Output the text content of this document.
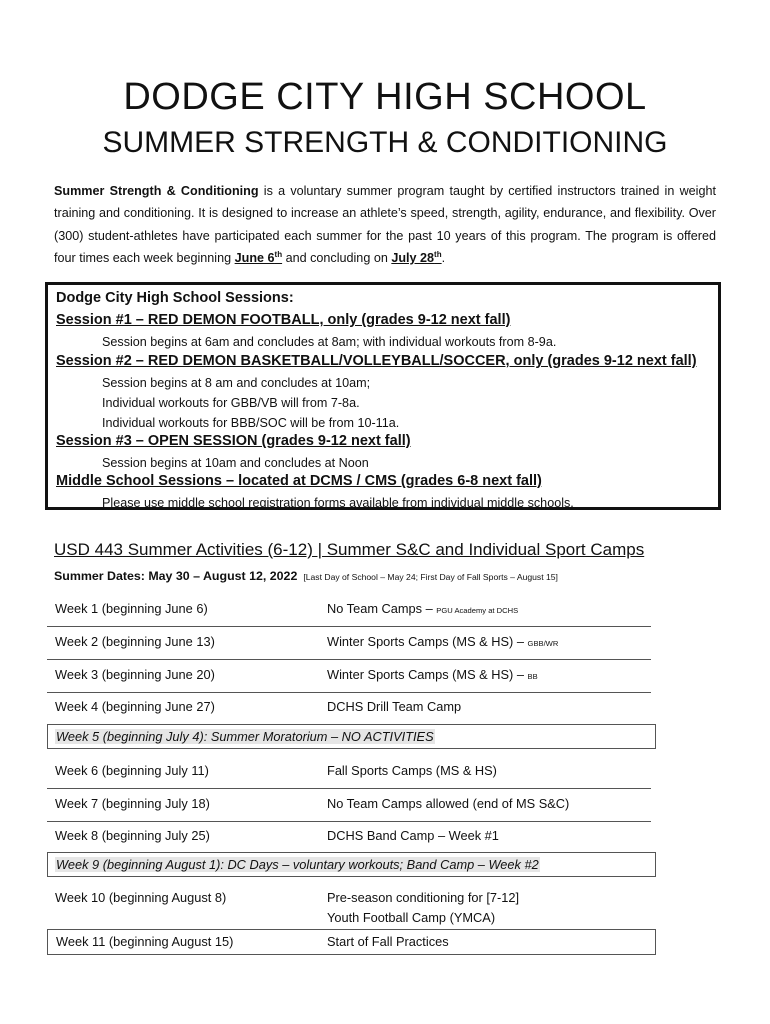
DODGE CITY HIGH SCHOOL
SUMMER STRENGTH & CONDITIONING
Summer Strength & Conditioning is a voluntary summer program taught by certified instructors trained in weight training and conditioning. It is designed to increase an athlete’s speed, strength, agility, endurance, and flexibility. Over (300) student-athletes have participated each summer for the past 10 years of this program. The program is offered four times each week beginning June 6th and concluding on July 28th.
Dodge City High School Sessions:
Session #1 – RED DEMON FOOTBALL, only (grades 9-12 next fall)
Session begins at 6am and concludes at 8am; with individual workouts from 8-9a.
Session #2 – RED DEMON BASKETBALL/VOLLEYBALL/SOCCER, only (grades 9-12 next fall)
Session begins at 8 am and concludes at 10am;
Individual workouts for GBB/VB will from 7-8a.
Individual workouts for BBB/SOC will be from 10-11a.
Session #3 – OPEN SESSION (grades 9-12 next fall)
Session begins at 10am and concludes at Noon
Middle School Sessions – located at DCMS / CMS (grades 6-8 next fall)
Please use middle school registration forms available from individual middle schools.
USD 443 Summer Activities (6-12) | Summer S&C and Individual Sport Camps
Summer Dates: May 30 – August 12, 2022 [Last Day of School – May 24; First Day of Fall Sports – August 15]
Week 1 (beginning June 6)	No Team Camps – PGU Academy at DCHS
Week 2 (beginning June 13)	Winter Sports Camps (MS & HS) – GBB/WR
Week 3 (beginning June 20)	Winter Sports Camps (MS & HS) – BB
Week 4 (beginning June 27)	DCHS Drill Team Camp
Week 5 (beginning July 4): Summer Moratorium – NO ACTIVITIES
Week 6 (beginning July 11)	Fall Sports Camps (MS & HS)
Week 7 (beginning July 18)	No Team Camps allowed (end of MS S&C)
Week 8 (beginning July 25)	DCHS Band Camp – Week #1
Week 9 (beginning August 1): DC Days – voluntary workouts; Band Camp – Week #2
Week 10 (beginning August 8)	Pre-season conditioning for [7-12]
Youth Football Camp (YMCA)
Week 11 (beginning August 15)	Start of Fall Practices
